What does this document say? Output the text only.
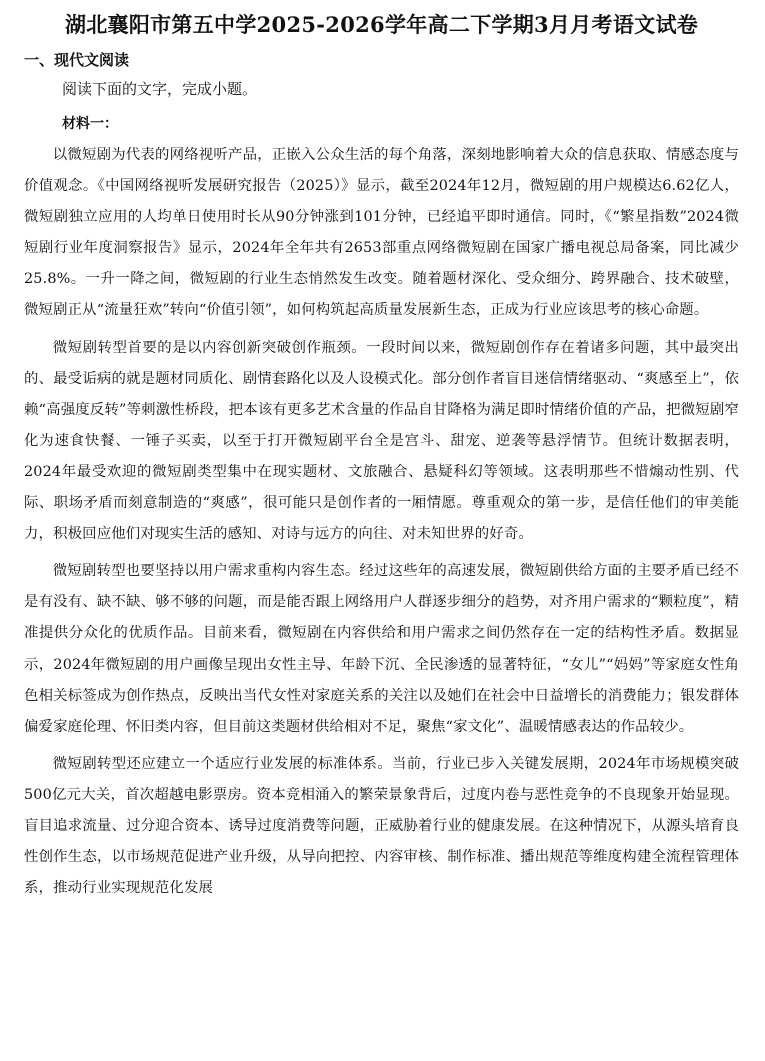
湖北襄阳市第五中学2025-2026学年高二下学期3月月考语文试卷
一、现代文阅读
阅读下面的文字，完成小题。
材料一：

以微短剧为代表的网络视听产品，正嵌入公众生活的每个角落，深刻地影响着大众的信息获取、情感态度与价值观念。《中国网络视听发展研究报告（2025）》显示，截至2024年12月，微短剧的用户规模达6.62亿人，微短剧独立应用的人均单日使用时长从90分钟涨到101分钟，已经追平即时通信。同时，《“繁星指数”2024微短剧行业年度洞察报告》显示，2024年全年共有2653部重点网络微短剧在国家广播电视总局备案，同比减少25.8%。一升一降之间，微短剧的行业生态悄然发生改变。随着题材深化、受众细分、跨界融合、技术破壁，微短剧正从“流量狂欢”转向“价值引领”，如何构筑起高质量发展新生态，正成为行业应该思考的核心命题。

微短剧转型首要的是以内容创新突破创作瓶颈。一段时间以来，微短剧创作存在着诸多问题，其中最突出的、最受诟病的就是题材同质化、剧情套路化以及人设模式化。部分创作者盲目迷信情绪驱动、“爽感至上”，依赖“高强度反转”等刺激性桥段，把本该有更多艺术含量的作品自甘降格为满足即时情绪价值的产品，把微短剧窄化为速食快餐、一锤子买卖，以至于打开微短剧平台全是宫斗、甜宠、逆袭等悬浮情节。但统计数据表明，2024年最受欢迎的微短剧类型集中在现实题材、文旅融合、悬疑科幻等领域。这表明那些不惜煽动性别、代际、职场矛盾而刻意制造的“爽感”，很可能只是创作者的一厢情愿。尊重观众的第一步，是信任他们的审美能力，积极回应他们对现实生活的感知、对诗与远方的向往、对未知世界的好奇。

微短剧转型也要坚持以用户需求重构内容生态。经过这些年的高速发展，微短剧供给方面的主要矛盾已经不是有没有、缺不缺、够不够的问题，而是能否跟上网络用户人群逐步细分的趋势，对齐用户需求的“颗粒度”，精准提供分众化的优质作品。目前来看，微短剧在内容供给和用户需求之间仍然存在一定的结构性矛盾。数据显示，2024年微短剧的用户画像呈现出女性主导、年龄下沉、全民渗透的显著特征，“女儿”“妈妈”等家庭女性角色相关标签成为创作热点，反映出当代女性对家庭关系的关注以及她们在社会中日益增长的消费能力；银发群体偏爱家庭伦理、怀旧类内容，但目前这类题材供给相对不足，聚焦“家文化”、温暖情感表达的作品较少。

微短剧转型还应建立一个适应行业发展的标准体系。当前，行业已步入关键发展期，2024年市场规模突破500亿元大关，首次超越电影票房。资本竞相涌入的繁荣景象背后，过度内卷与恶性竞争的不良现象开始显现。盲目追求流量、过分迎合资本、诱导过度消费等问题，正威胁着行业的健康发展。在这种情况下，从源头培育良性创作生态，以市场规范促进产业升级，从导向把控、内容审核、制作标准、播出规范等维度构建全流程管理体系，推动行业实现规范化发展
